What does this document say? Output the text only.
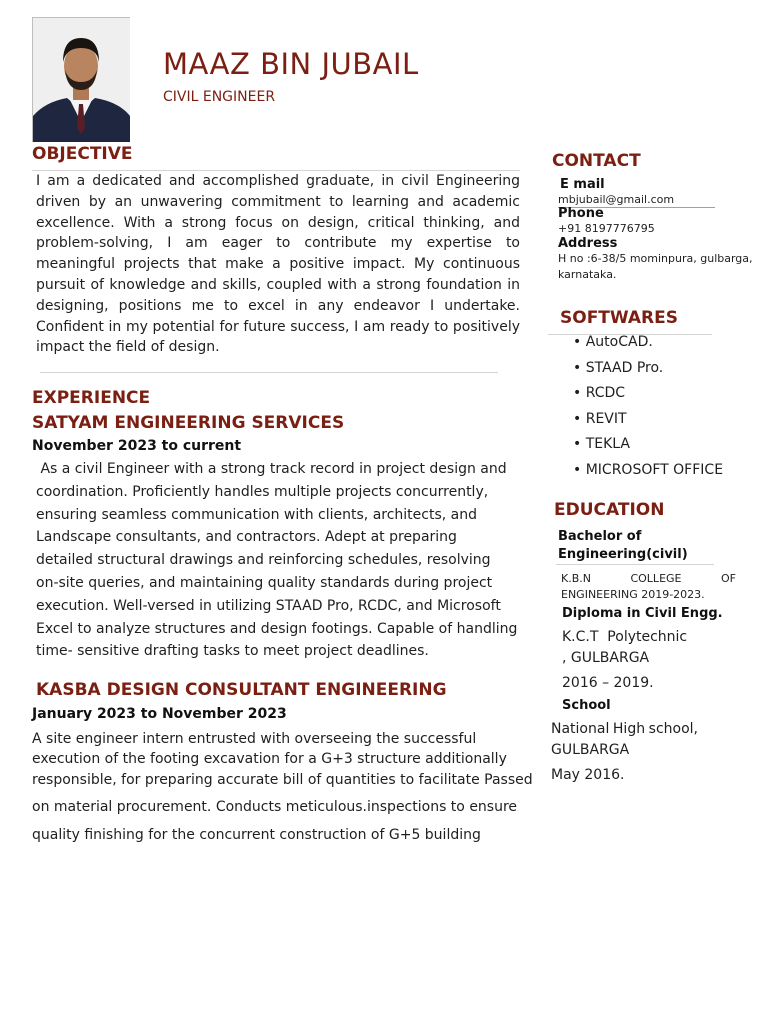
MAAZ BIN JUBAIL
CIVIL ENGINEER
OBJECTIVE
I am a dedicated and accomplished graduate, in civil Engineering driven by an unwavering commitment to learning and academic excellence. With a strong focus on design, critical thinking, and problem-solving, I am eager to contribute my expertise to meaningful projects that make a positive impact. My continuous pursuit of knowledge and skills, coupled with a strong foundation in designing, positions me to excel in any endeavor I undertake. Confident in my potential for future success, I am ready to positively impact the field of design.
EXPERIENCE
SATYAM ENGINEERING SERVICES
November 2023 to current
As a civil Engineer with a strong track record in project design and
coordination. Proficiently handles multiple projects concurrently,
ensuring seamless communication with clients, architects, and
Landscape consultants, and contractors. Adept at preparing
detailed structural drawings and reinforcing schedules, resolving
on-site queries, and maintaining quality standards during project
execution. Well-versed in utilizing STAAD Pro, RCDC, and Microsoft
Excel to analyze structures and design footings. Capable of handling
time- sensitive drafting tasks to meet project deadlines.
KASBA DESIGN CONSULTANT ENGINEERING
January 2023 to November 2023
A site engineer intern entrusted with overseeing the successful
execution of the footing excavation for a G+3 structure additionally
responsible, for preparing accurate bill of quantities to facilitate Passed
on material procurement. Conducts meticulous.inspections to ensure
quality finishing for the concurrent construction of G+5 building
CONTACT
E mail
mbjubail@gmail.com
Phone
+91 8197776795
Address
H no :6-38/5 mominpura, gulbarga,
karnataka.
SOFTWARES
• AutoCAD.
• STAAD Pro.
• RCDC
• REVIT
• TEKLA
• MICROSOFT OFFICE
EDUCATION
Bachelor of
Engineering(civil)
K.B.N	COLLEGE	OF
ENGINEERING 2019-2023.
Diploma in Civil Engg.
K.C.T  Polytechnic
, GULBARGA
2016 – 2019.
School
National High school,
GULBARGA
May 2016.
